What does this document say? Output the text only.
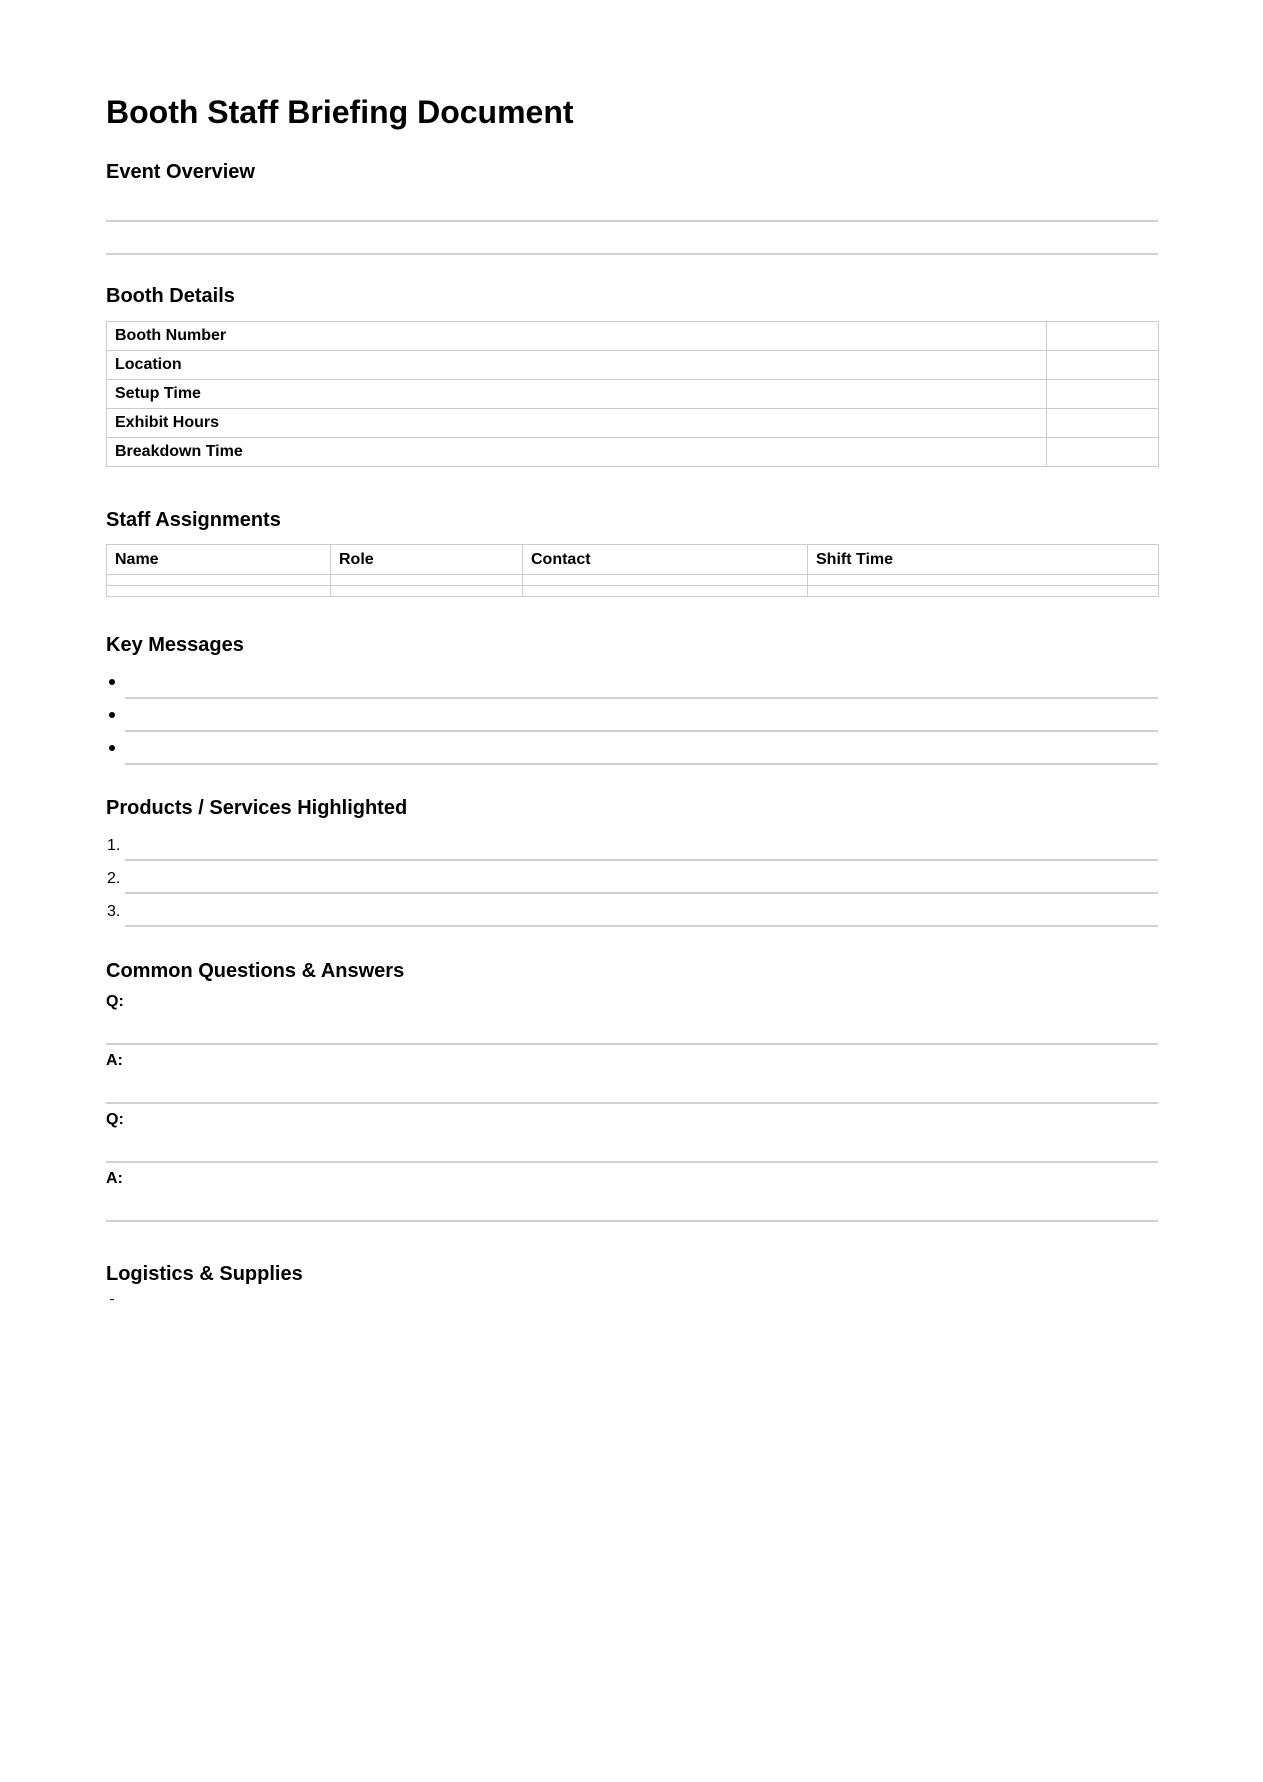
Booth Staff Briefing Document
Event Overview
Booth Details
Booth Number	
Location	
Setup Time	
Exhibit Hours	
Breakdown Time	
Staff Assignments
Name	Role	Contact	Shift Time

Key Messages
Products / Services Highlighted
1.
2.
3.
Common Questions & Answers
Q:
A:
Q:
A:
Logistics & Supplies
